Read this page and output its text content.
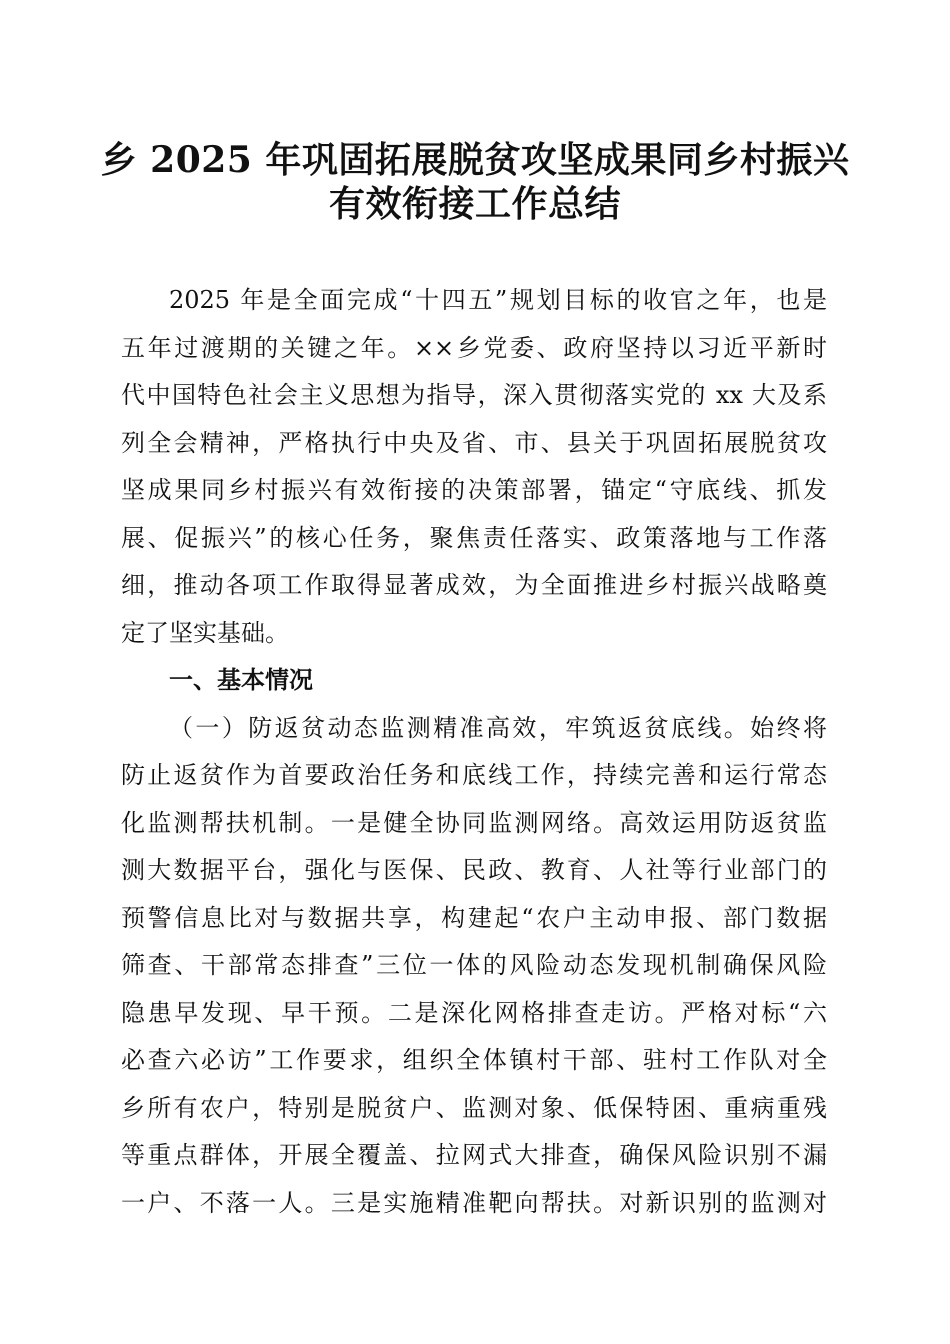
乡 2025 年巩固拓展脱贫攻坚成果同乡村振兴
有效衔接工作总结
2025 年是全面完成“十四五”规划目标的收官之年，也是
五年过渡期的关键之年。××乡党委、政府坚持以习近平新时
代中国特色社会主义思想为指导，深入贯彻落实党的 xx 大及系
列全会精神，严格执行中央及省、市、县关于巩固拓展脱贫攻
坚成果同乡村振兴有效衔接的决策部署，锚定“守底线、抓发
展、促振兴”的核心任务，聚焦责任落实、政策落地与工作落
细，推动各项工作取得显著成效，为全面推进乡村振兴战略奠
定了坚实基础。
一、基本情况
（一）防返贫动态监测精准高效，牢筑返贫底线。始终将
防止返贫作为首要政治任务和底线工作，持续完善和运行常态
化监测帮扶机制。一是健全协同监测网络。高效运用防返贫监
测大数据平台，强化与医保、民政、教育、人社等行业部门的
预警信息比对与数据共享，构建起“农户主动申报、部门数据
筛查、干部常态排查”三位一体的风险动态发现机制确保风险
隐患早发现、早干预。二是深化网格排查走访。严格对标“六
必查六必访”工作要求，组织全体镇村干部、驻村工作队对全
乡所有农户，特别是脱贫户、监测对象、低保特困、重病重残
等重点群体，开展全覆盖、拉网式大排查，确保风险识别不漏
一户、不落一人。三是实施精准靶向帮扶。对新识别的监测对
